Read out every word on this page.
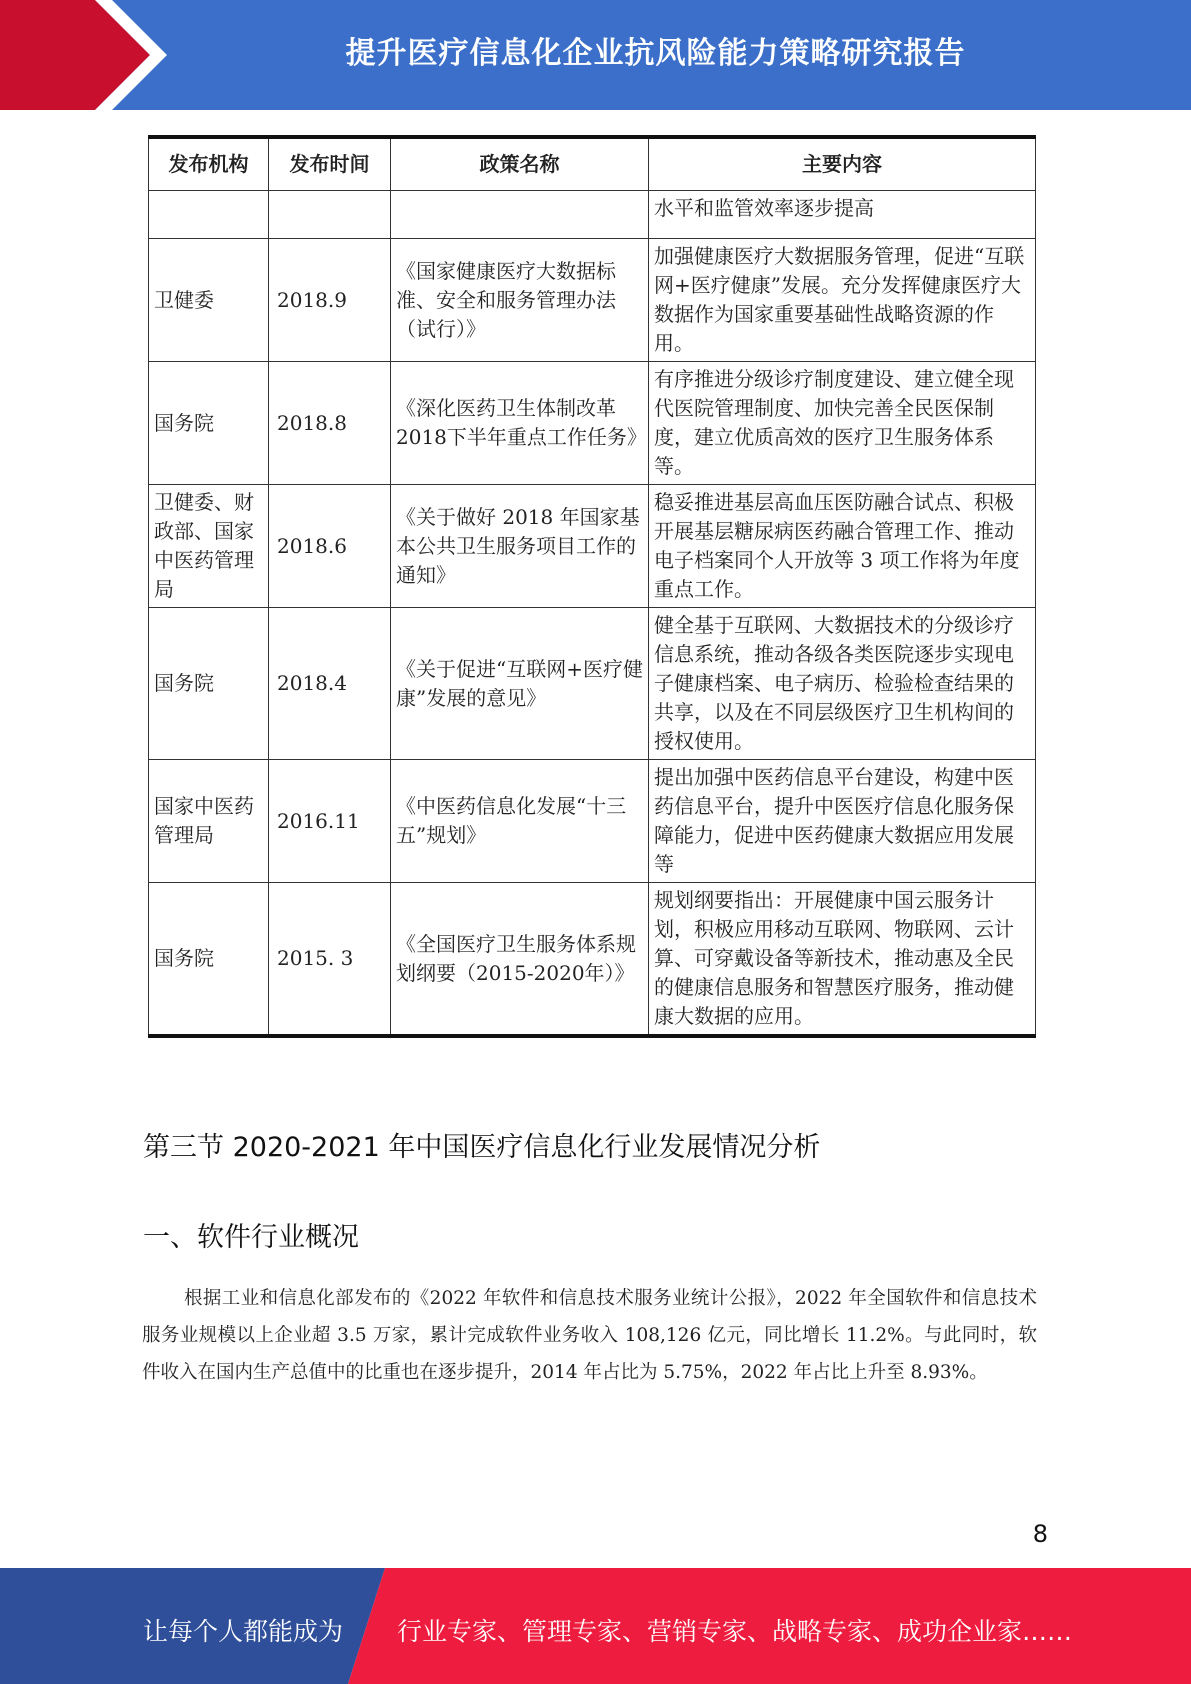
提升医疗信息化企业抗风险能力策略研究报告
发布机构	发布时间	政策名称	主要内容
			水平和监管效率逐步提高
卫健委	2018.9	《国家健康医疗大数据标准、安全和服务管理办法（试行）》	加强健康医疗大数据服务管理，促进“互联网+医疗健康”发展。充分发挥健康医疗大数据作为国家重要基础性战略资源的作用。
国务院	2018.8	《深化医药卫生体制改革2018下半年重点工作任务》	有序推进分级诊疗制度建设、建立健全现代医院管理制度、加快完善全民医保制度，建立优质高效的医疗卫生服务体系等。
卫健委、财政部、国家中医药管理局	2018.6	《关于做好 2018 年国家基本公共卫生服务项目工作的通知》	稳妥推进基层高血压医防融合试点、积极开展基层糖尿病医药融合管理工作、推动电子档案同个人开放等 3 项工作将为年度重点工作。
国务院	2018.4	《关于促进“互联网+医疗健康”发展的意见》	健全基于互联网、大数据技术的分级诊疗信息系统，推动各级各类医院逐步实现电子健康档案、电子病历、检验检查结果的共享，以及在不同层级医疗卫生机构间的授权使用。
国家中医药管理局	2016.11	《中医药信息化发展“十三五”规划》	提出加强中医药信息平台建设，构建中医药信息平台，提升中医医疗信息化服务保障能力，促进中医药健康大数据应用发展等
国务院	2015. 3	《全国医疗卫生服务体系规划纲要（2015-2020年）》	规划纲要指出：开展健康中国云服务计划，积极应用移动互联网、物联网、云计算、可穿戴设备等新技术，推动惠及全民的健康信息服务和智慧医疗服务，推动健康大数据的应用。
第三节 2020-2021 年中国医疗信息化行业发展情况分析
一、软件行业概况

根据工业和信息化部发布的《2022 年软件和信息技术服务业统计公报》，2022 年全国软件和信息技术服务业规模以上企业超 3.5 万家，累计完成软件业务收入 108,126 亿元，同比增长 11.2%。与此同时，软件收入在国内生产总值中的比重也在逐步提升，2014 年占比为 5.75%，2022 年占比上升至 8.93%。

8
让每个人都能成为 行业专家、管理专家、营销专家、战略专家、成功企业家……
